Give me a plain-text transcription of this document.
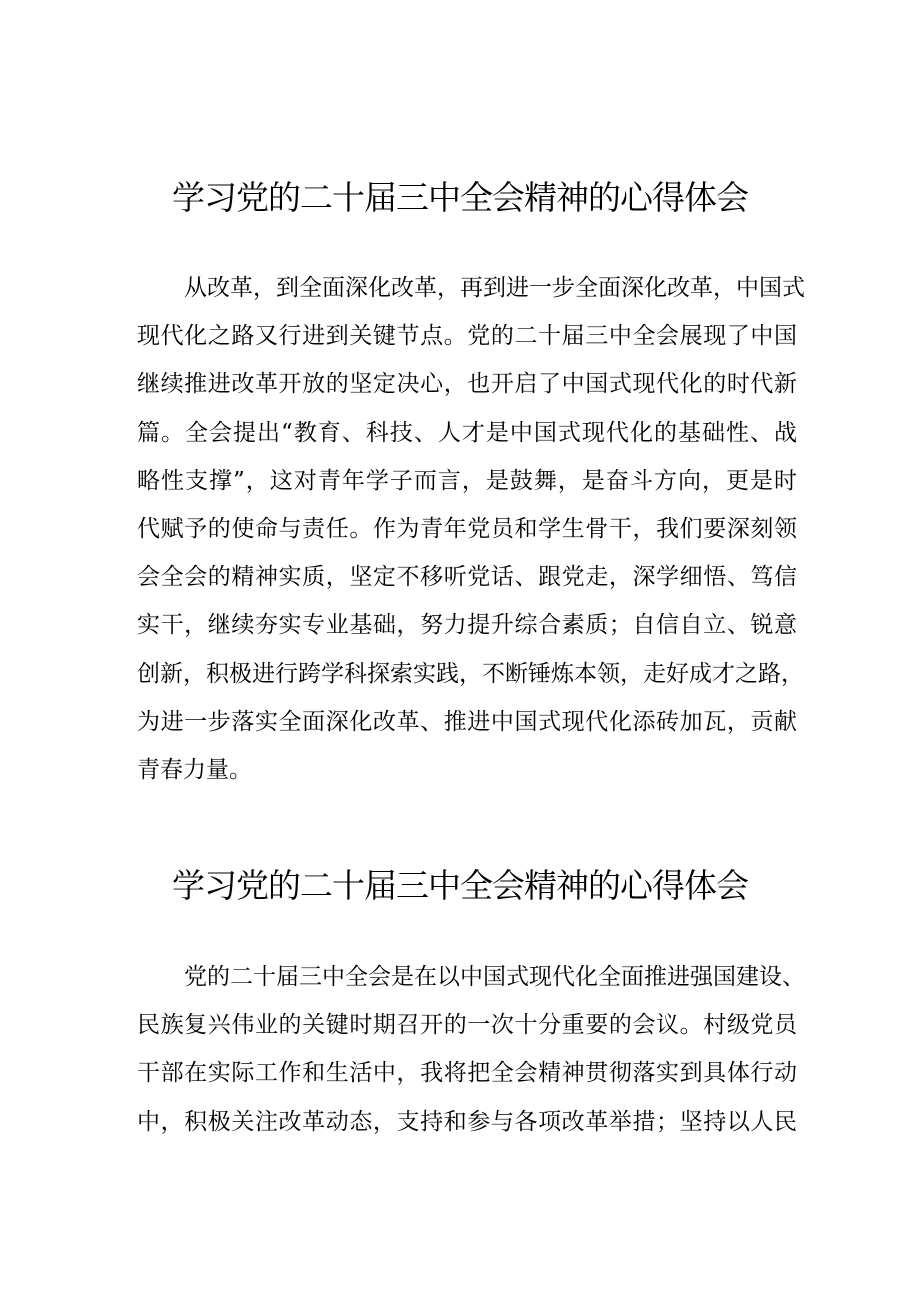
学习党的二十届三中全会精神的心得体会
从改革，到全面深化改革，再到进一步全面深化改革，中国式
现代化之路又行进到关键节点。党的二十届三中全会展现了中国
继续推进改革开放的坚定决心，也开启了中国式现代化的时代新
篇。全会提出“教育、科技、人才是中国式现代化的基础性、战
略性支撑”，这对青年学子而言，是鼓舞，是奋斗方向，更是时
代赋予的使命与责任。作为青年党员和学生骨干，我们要深刻领
会全会的精神实质，坚定不移听党话、跟党走，深学细悟、笃信
实干，继续夯实专业基础，努力提升综合素质；自信自立、锐意
创新，积极进行跨学科探索实践，不断锤炼本领，走好成才之路，
为进一步落实全面深化改革、推进中国式现代化添砖加瓦，贡献
青春力量。
学习党的二十届三中全会精神的心得体会
党的二十届三中全会是在以中国式现代化全面推进强国建设、
民族复兴伟业的关键时期召开的一次十分重要的会议。村级党员
干部在实际工作和生活中，我将把全会精神贯彻落实到具体行动
中，积极关注改革动态，支持和参与各项改革举措；坚持以人民
